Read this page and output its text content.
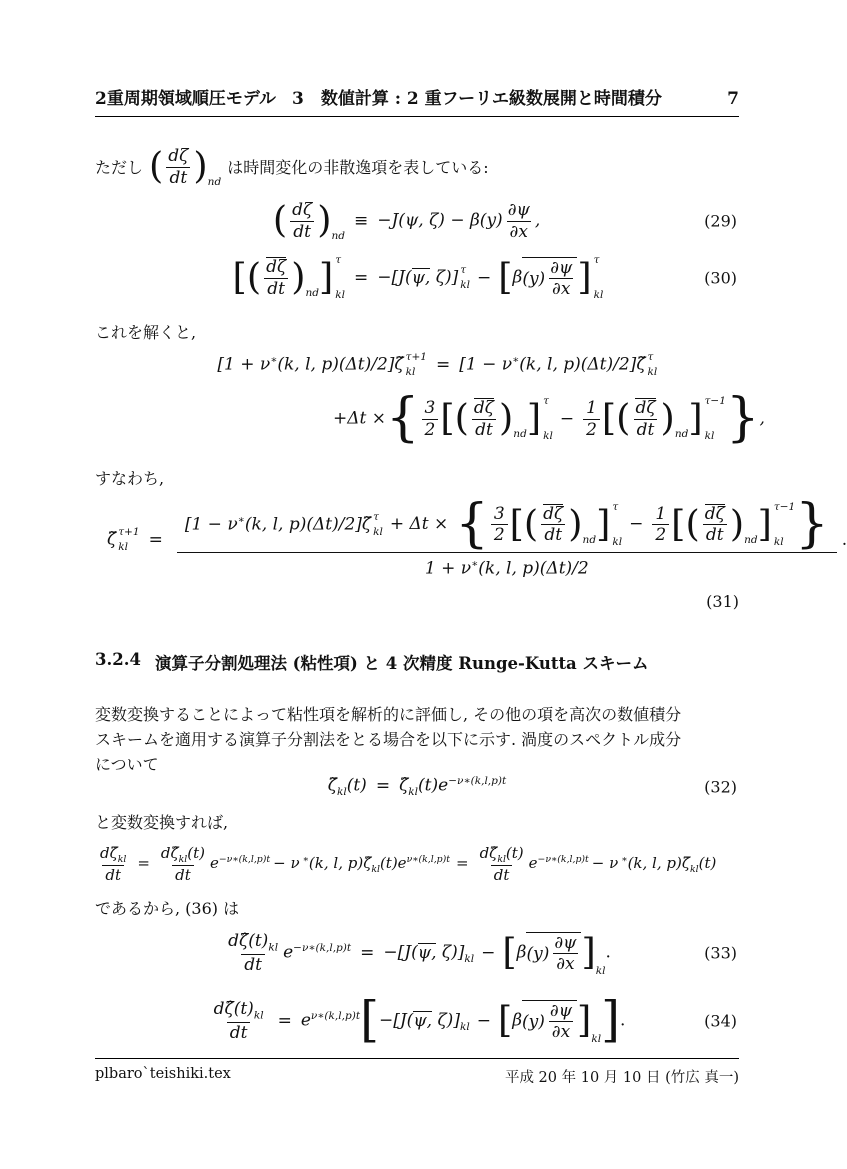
2重周期領域順圧モデル 3　数値計算 : 2 重フーリエ級数展開と時間積分	7
ただし ( $\frac{d\zeta}{dt} )_{nd}$
は時間変化の非散逸項を表している:
( $\frac{d\zeta}{dt} )_{nd}$
≡ −J(ψ, $\zeta) - \beta(y) \frac{\partial\psi}{\partial x}$ ,	(29)
[( $\frac{d\zeta}{dt} )_{nd}$] τ
kl
= −[J(ψ, ζ)] τ
kl − [β $(y) \frac{\partial\psi}{\partial x}$ ] τ
kl
(30)
これを解くと,
[1 + ν∗(k, l, p)(Δt)/2]ζ̃ τ+1
kl	= [1 − ν∗(k, l, p)(Δt)/2]ζ̃ τ
kl
+Δt ×{ $\frac{3}{2}$ [( $\frac{d\zeta}{dt} )_{nd}$] τ
kl
− $\frac{1}{2}$ [( $\frac{d\zeta}{dt} )_{nd}$] τ−1
kl },
すなわち,
ζ̃ τ+1
kl	=
[1 − ν∗(k, l, p)(Δt)/2]ζ̃ τ
kl + Δt × { $\frac{3}{2}$ [( $\frac{d\zeta}{dt} )_{nd}$] τ
kl
− $\frac{1}{2}$ [( $\frac{d\zeta}{dt} )_{nd}$] τ−1
kl }
1 + ν∗(k, l, p)(Δt)/2
.
(31)
3.2.4 演算子分割処理法 (粘性項) と 4 次精度 Runge-Kutta スキーム
変数変換することによって粘性項を解析的に評価し, その他の項を高次の数値積分
スキームを適用する演算子分割法をとる場合を以下に示す. 渦度のスペクトル成分
について
$\zetã_{kl}(t)$ = $\zetâ_{kl}(t)e^{-\nu∗(k,l,p)t}$	(32)
と変数変換すれば,
$\frac{d\zetã_{kl}}{dt} = \frac{d\zetâ_{kl}(t)}{dt} e^{-\nu∗(k,l,p)t} - \nu$ ∗(k, l, $p)\zetâ_{kl}(t)e^{\nu∗(k,l,p)t} = \frac{d\zetâ_{kl}(t)}{dt} e^{-\nu∗(k,l,p)t} - \nu$ ∗(k, l, $p)\zetã_{kl}(t)$
であるから, (36) は
$\frac{d\zetâ(t)_{kl}}{dt} e^{-\nu∗(k,l,p)t} = -[J(\psi$, $\zeta)]_{kl} - [\beta$ $(y) \frac{\partial\psi}{\partial x} ]_{kl}$.	(33)
$\frac{d\zetâ(t)_{kl}}{dt} = e^{\nu∗(k,l,p)t}[-[J(\psi$, $\zeta)]_{kl} - [\beta$ $(y) \frac{\partial\psi}{\partial x} ]_{kl}$].	(34)
plbaro`teishiki.tex	平成 20 年 10 月 10 日 (竹広 真一)
